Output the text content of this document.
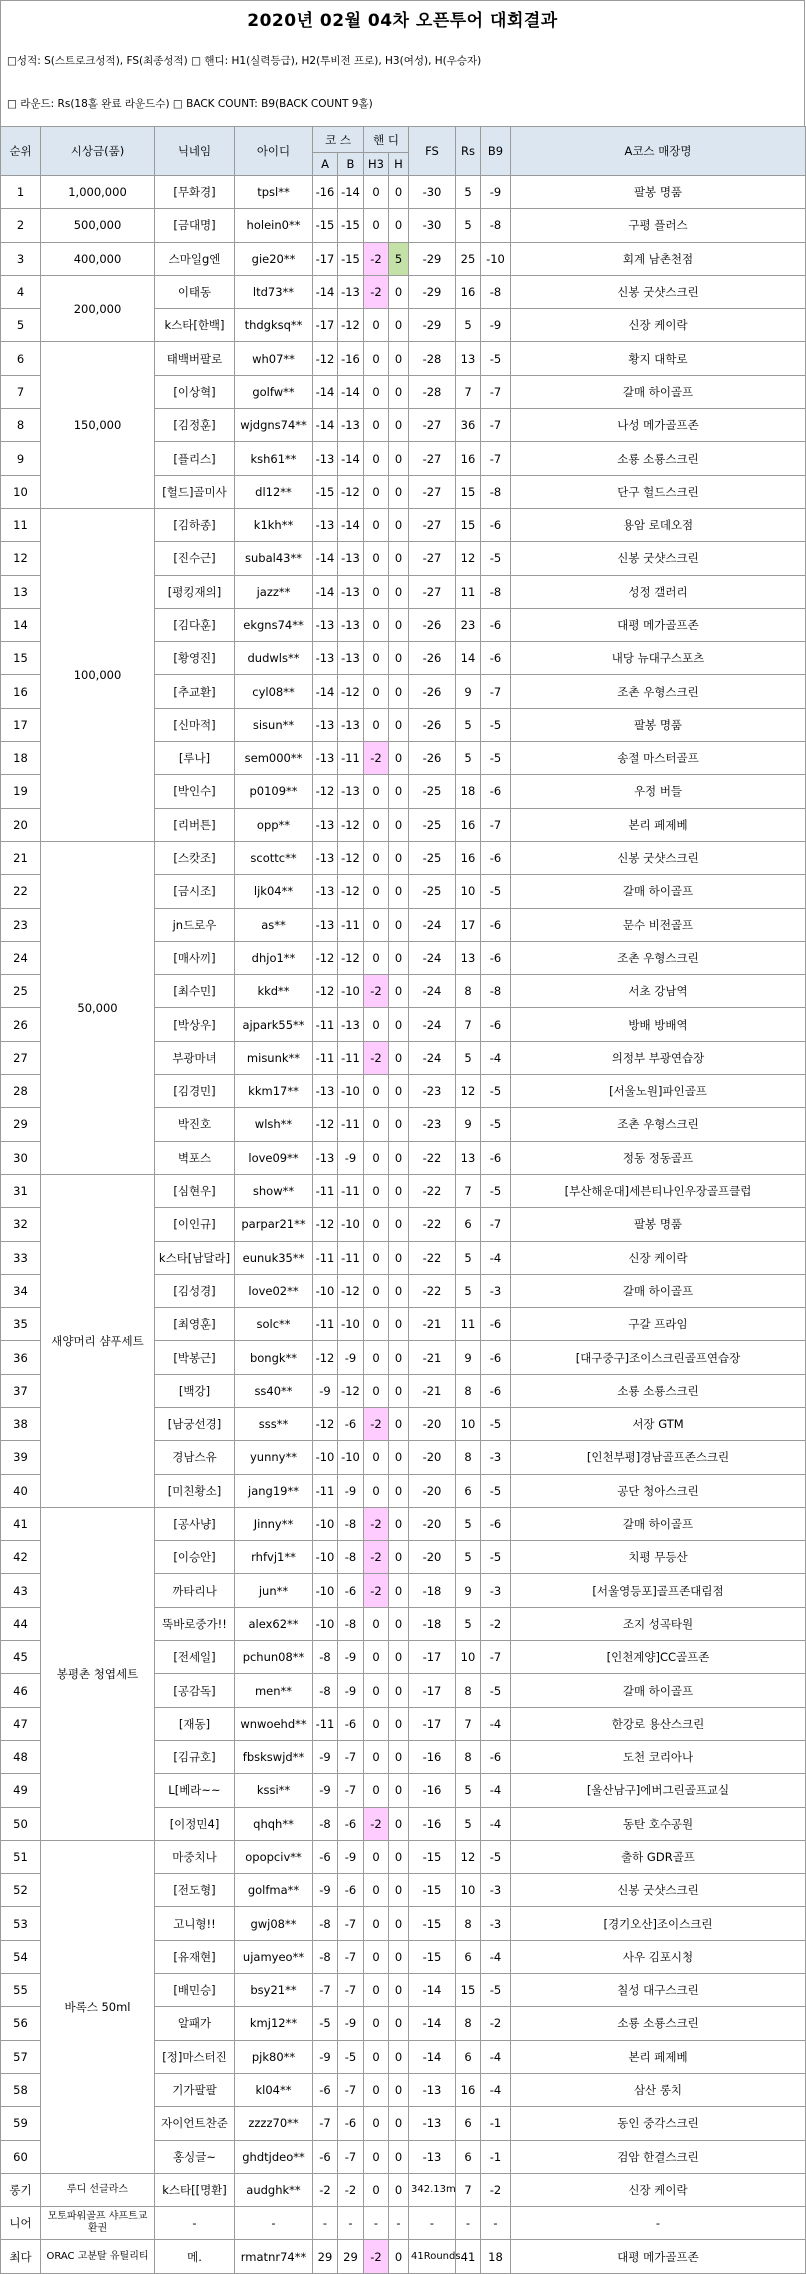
2020년 02월 04차 오픈투어 대회결과
□성적: S(스트로크성적), FS(최종성적) □ 핸디: H1(실력등급), H2(투비전 프로), H3(여성), H(우승자)
□ 라운드: Rs(18홀 완료 라운드수) □ BACK COUNT: B9(BACK COUNT 9홀)
순위	시상금(품)	닉네임	아이디	코 스		핸 디		FS	Rs	B9	A코스 매장명
				A	B	H3	H				
1	1,000,000	[무화경]	tpsl**	-16	-14	0	0	-30	5	-9	팔봉 명품
2	500,000	[금대명]	holein0**	-15	-15	0	0	-30	5	-8	구평 플러스
3	400,000	스마일g엔	gie20**	-17	-15	-2	5	-29	25	-10	회계 남촌천점
4	200,000	이태동	ltd73**	-14	-13	-2	0	-29	16	-8	신봉 굿샷스크린
5		k스타[한백]	thdgksq**	-17	-12	0	0	-29	5	-9	신장 케이락
6	150,000	태백버팔로	wh07**	-12	-16	0	0	-28	13	-5	황지 대학로
7		[이상혁]	golfw**	-14	-14	0	0	-28	7	-7	갈매 하이골프
8		[김정훈]	wjdgns74**	-14	-13	0	0	-27	36	-7	나성 메가골프존
9		[플리스]	ksh61**	-13	-14	0	0	-27	16	-7	소룡 소룡스크린
10		[헐드]골미사	dl12**	-15	-12	0	0	-27	15	-8	단구 헐드스크린
11	100,000	[김하종]	k1kh**	-13	-14	0	0	-27	15	-6	용암 로데오점
12		[진수근]	subal43**	-14	-13	0	0	-27	12	-5	신봉 굿샷스크린
13		[평킹재의]	jazz**	-14	-13	0	0	-27	11	-8	성정 갤러리
14		[김다훈]	ekgns74**	-13	-13	0	0	-26	23	-6	대평 메가골프존
15		[황영진]	dudwls**	-13	-13	0	0	-26	14	-6	내당 뉴대구스포츠
16		[추교환]	cyl08**	-14	-12	0	0	-26	9	-7	조촌 우형스크린
17		[신마적]	sisun**	-13	-13	0	0	-26	5	-5	팔봉 명품
18		[루나]	sem000**	-13	-11	-2	0	-26	5	-5	송절 마스터골프
19		[박인수]	p0109**	-12	-13	0	0	-25	18	-6	우정 버들
20		[리버튼]	opp**	-13	-12	0	0	-25	16	-7	본리 페제베
21	50,000	[스캇조]	scottc**	-13	-12	0	0	-25	16	-6	신봉 굿샷스크린
22		[금시조]	ljk04**	-13	-12	0	0	-25	10	-5	갈매 하이골프
23		jn드로우	as**	-13	-11	0	0	-24	17	-6	문수 비전골프
24		[매사끼]	dhjo1**	-12	-12	0	0	-24	13	-6	조촌 우형스크린
25		[최수민]	kkd**	-12	-10	-2	0	-24	8	-8	서초 강남역
26		[박상우]	ajpark55**	-11	-13	0	0	-24	7	-6	방배 방배역
27		부광마녀	misunk**	-11	-11	-2	0	-24	5	-4	의정부 부광연습장
28		[김경민]	kkm17**	-13	-10	0	0	-23	12	-5	[서울노원]파인골프
29		박진호	wlsh**	-12	-11	0	0	-23	9	-5	조촌 우형스크린
30		벽포스	love09**	-13	-9	0	0	-22	13	-6	정동 정동골프
31	새양머리 샴푸세트	[심현우]	show**	-11	-11	0	0	-22	7	-5	[부산해운대]세븐티나인우장골프클럽
32		[이인규]	parpar21**	-12	-10	0	0	-22	6	-7	팔봉 명품
33		k스타[남달라]	eunuk35**	-11	-11	0	0	-22	5	-4	신장 케이락
34		[김성경]	love02**	-10	-12	0	0	-22	5	-3	갈매 하이골프
35		[최영훈]	solc**	-11	-10	0	0	-21	11	-6	구갈 프라임
36		[박봉근]	bongk**	-12	-9	0	0	-21	9	-6	[대구중구]조이스크린골프연습장
37		[백강]	ss40**	-9	-12	0	0	-21	8	-6	소룡 소룡스크린
38		[남궁선경]	sss**	-12	-6	-2	0	-20	10	-5	서장 GTM
39		경남스유	yunny**	-10	-10	0	0	-20	8	-3	[인천부평]경남골프존스크린
40		[미친황소]	jang19**	-11	-9	0	0	-20	6	-5	공단 청아스크린
41	봉평촌 청엽세트	[공사냥]	Jinny**	-10	-8	-2	0	-20	5	-6	갈매 하이골프
42		[이승안]	rhfvj1**	-10	-8	-2	0	-20	5	-5	치평 무등산
43		까타리나	jun**	-10	-6	-2	0	-18	9	-3	[서울영등포]골프존대림점
44		뚝바로중가!!	alex62**	-10	-8	0	0	-18	5	-2	조지 성곡타원
45		[전세일]	pchun08**	-8	-9	0	0	-17	10	-7	[인천계양]CC골프존
46		[공감독]	men**	-8	-9	0	0	-17	8	-5	갈매 하이골프
47		[재동]	wnwoehd**	-11	-6	0	0	-17	7	-4	한강로 용산스크린
48		[김규호]	fbskswjd**	-9	-7	0	0	-16	8	-6	도천 코리아나
49		L[베라~~	kssi**	-9	-7	0	0	-16	5	-4	[울산남구]에버그린골프교실
50		[이정민4]	qhqh**	-8	-6	-2	0	-16	5	-4	동탄 호수공원
51	바록스 50ml	마중치나	opopciv**	-6	-9	0	0	-15	12	-5	출하 GDR골프
52		[전도형]	golfma**	-9	-6	0	0	-15	10	-3	신봉 굿샷스크린
53		고니형!!	gwj08**	-8	-7	0	0	-15	8	-3	[경기오산]조이스크린
54		[유재현]	ujamyeo**	-8	-7	0	0	-15	6	-4	사우 김포시청
55		[배민승]	bsy21**	-7	-7	0	0	-14	15	-5	칠성 대구스크린
56		알패가	kmj12**	-5	-9	0	0	-14	8	-2	소룡 소룡스크린
57		[정]마스터진	pjk80**	-9	-5	0	0	-14	6	-4	본리 페제베
58		기가팔팔	kl04**	-6	-7	0	0	-13	16	-4	삼산 롱치
59		자이언트찬준	zzzz70**	-7	-6	0	0	-13	6	-1	동인 중각스크린
60		홍싱글~	ghdtjdeo**	-6	-7	0	0	-13	6	-1	검암 한결스크린
롱기	루디 선글라스	k스타[[명환]	audghk**	-2	-2	0	0	342.13m	7	-2	신장 케이락
니어	모토파워골프 샤프트교환권	-	-	-	-	-	-	-	-	-	-
최다	ORAC 고분탈 유틸리티	메.	rmatnr74**	29	29	-2	0	41Rounds	41	18	대평 메가골프존
